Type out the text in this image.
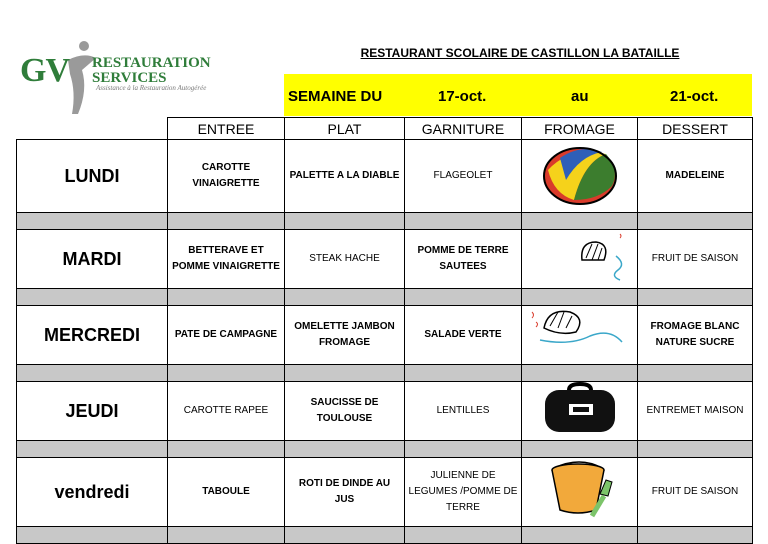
GV RESTAURATION
SERVICES
Assistance à la Restauration Autogérée
RESTAURANT SCOLAIRE DE CASTILLON LA BATAILLE
SEMAINE DU	17-oct.	au	21-oct.
	ENTREE	PLAT	GARNITURE	FROMAGE	DESSERT
LUNDI	CAROTTE VINAIGRETTE	PALETTE A LA DIABLE	FLAGEOLET		MADELEINE

MARDI	BETTERAVE ET POMME VINAIGRETTE	STEAK HACHE	POMME DE TERRE SAUTEES		FRUIT DE SAISON

MERCREDI	PATE DE CAMPAGNE	OMELETTE JAMBON FROMAGE	SALADE VERTE		FROMAGE BLANC NATURE SUCRE

JEUDI	CAROTTE RAPEE	SAUCISSE DE TOULOUSE	LENTILLES		ENTREMET MAISON

vendredi	TABOULE	ROTI DE DINDE AU JUS	JULIENNE DE LEGUMES /POMME DE TERRE		FRUIT DE SAISON
